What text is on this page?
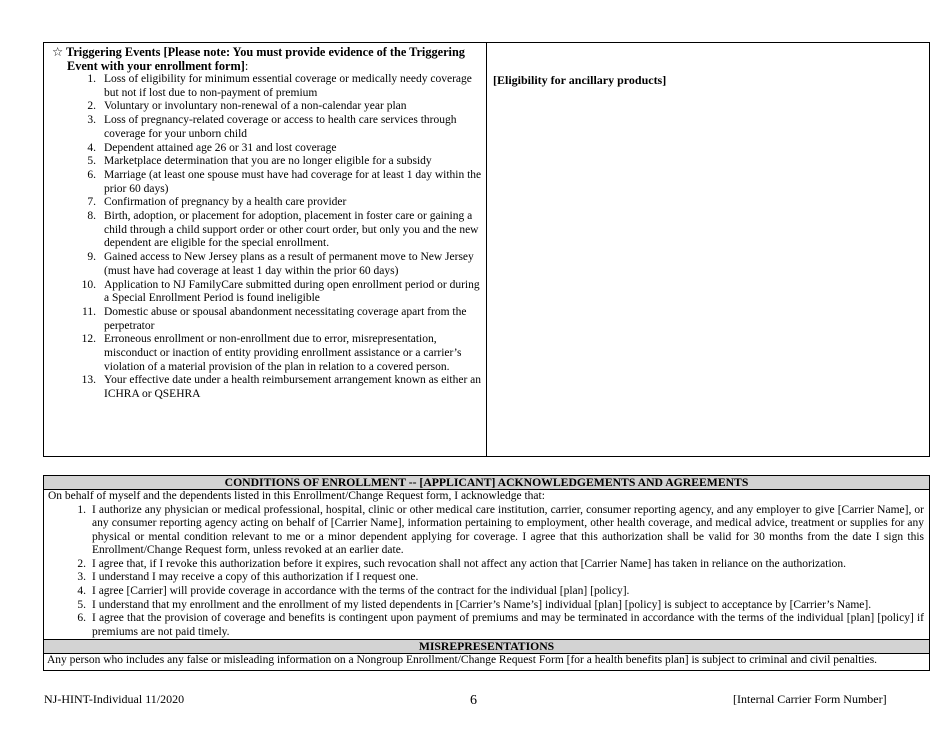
☆ Triggering Events [Please note: You must provide evidence of the Triggering
Event with your enrollment form]:
1. Loss of eligibility for minimum essential coverage or medically needy coverage but not if lost due to non-payment of premium
2. Voluntary or involuntary non-renewal of a non-calendar year plan
3. Loss of pregnancy-related coverage or access to health care services through coverage for your unborn child
4. Dependent attained age 26 or 31 and lost coverage
5. Marketplace determination that you are no longer eligible for a subsidy
6. Marriage (at least one spouse must have had coverage for at least 1 day within the prior 60 days)
7. Confirmation of pregnancy by a health care provider
8. Birth, adoption, or placement for adoption, placement in foster care or gaining a child through a child support order or other court order, but only you and the new dependent are eligible for the special enrollment.
9. Gained access to New Jersey plans as a result of permanent move to New Jersey (must have had coverage at least 1 day within the prior 60 days)
10. Application to NJ FamilyCare submitted during open enrollment period or during a Special Enrollment Period is found ineligible
11. Domestic abuse or spousal abandonment necessitating coverage apart from the perpetrator
12. Erroneous enrollment or non-enrollment due to error, misrepresentation, misconduct or inaction of entity providing enrollment assistance or a carrier’s violation of a material provision of the plan in relation to a covered person.
13. Your effective date under a health reimbursement arrangement known as either an ICHRA or QSEHRA
[Eligibility for ancillary products]
CONDITIONS OF ENROLLMENT -- [APPLICANT] ACKNOWLEDGEMENTS AND AGREEMENTS
On behalf of myself and the dependents listed in this Enrollment/Change Request form, I acknowledge that:
1. I authorize any physician or medical professional, hospital, clinic or other medical care institution, carrier, consumer reporting agency, and any employer to give [Carrier Name], or any consumer reporting agency acting on behalf of [Carrier Name], information pertaining to employment, other health coverage, and medical advice, treatment or supplies for any physical or mental condition relevant to me or a minor dependent applying for coverage. I agree that this authorization shall be valid for 30 months from the date I sign this Enrollment/Change Request form, unless revoked at an earlier date.
2. I agree that, if I revoke this authorization before it expires, such revocation shall not affect any action that [Carrier Name] has taken in reliance on the authorization.
3. I understand I may receive a copy of this authorization if I request one.
4. I agree [Carrier] will provide coverage in accordance with the terms of the contract for the individual [plan] [policy].
5. I understand that my enrollment and the enrollment of my listed dependents in [Carrier’s Name’s] individual [plan] [policy] is subject to acceptance by [Carrier’s Name].
6. I agree that the provision of coverage and benefits is contingent upon payment of premiums and may be terminated in accordance with the terms of the individual [plan] [policy] if premiums are not paid timely.
MISREPRESENTATIONS
Any person who includes any false or misleading information on a Nongroup Enrollment/Change Request Form [for a health benefits plan] is subject to criminal and civil penalties.
NJ-HINT-Individual 11/2020	6	[Internal Carrier Form Number]
